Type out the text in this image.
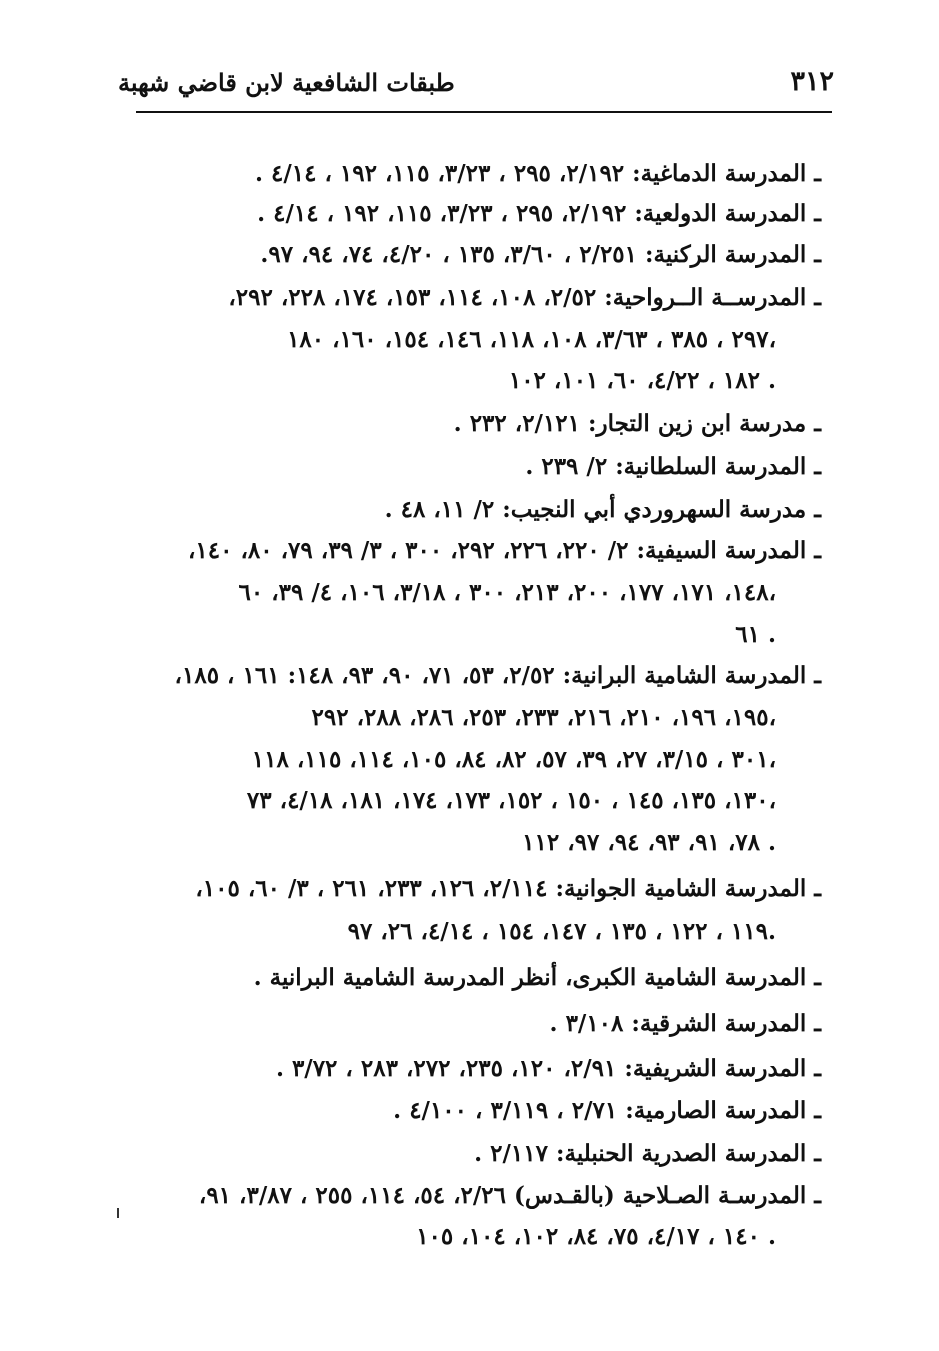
٣١٢
طبقات الشافعية لابن قاضي شهبة
ـ المدرسة الدماغية: ٢/١٩٢، ٢٩٥ ، ٣/٢٣، ١١٥، ١٩٢ ، ٤/١٤ .
ـ المدرسة الدولعية: ٢/١٩٢، ٢٩٥ ، ٣/٢٣، ١١٥، ١٩٢ ، ٤/١٤ .
ـ المدرسة الركنية: ٢/٢٥١ ، ٣/٦٠، ١٣٥ ، ٤/٢٠، ٧٤، ٩٤، ٩٧.
ـ المدرســة الــرواحية: ٢/٥٢، ١٠٨، ١١٤، ١٥٣، ١٧٤، ٢٢٨، ٢٩٢،
٢٩٧ ، ٣٨٥ ، ٣/٦٣، ١٠٨، ١١٨، ١٤٦، ١٥٤، ١٦٠، ١٨٠،
١٨٢ ، ٤/٢٢، ٦٠، ١٠١، ١٠٢ .
ـ مدرسة ابن زين التجار: ٢/١٢١، ٢٣٢ .
ـ المدرسة السلطانية: ٢/ ٢٣٩ .
ـ مدرسة السهروردي أبي النجيب: ٢/ ١١، ٤٨ .
ـ المدرسة السيفية: ٢/ ٢٢٠، ٢٢٦، ٢٩٢، ٣٠٠ ، ٣/ ٣٩، ٧٩، ٨٠، ١٤٠،
١٤٨، ١٧١، ١٧٧، ٢٠٠، ٢١٣، ٣٠٠ ، ٣/١٨، ١٠٦، ٤/ ٣٩، ٦٠،
٦١ .
ـ المدرسة الشامية البرانية: ٢/٥٢، ٥٣، ٧١، ٩٠، ٩٣، ١٤٨: ١٦١ ، ١٨٥،
١٩٥، ١٩٦، ٢١٠، ٢١٦، ٢٣٣، ٢٥٣، ٢٨٦، ٢٨٨، ٢٩٢،
٣٠١ ، ٣/١٥، ٢٧، ٣٩، ٥٧، ٨٢، ٨٤، ١٠٥، ١١٤، ١١٥، ١١٨،
١٣٠، ١٣٥، ١٤٥ ، ١٥٠ ، ١٥٢، ١٧٣، ١٧٤، ١٨١، ٤/١٨، ٧٣،
٧٨، ٩١، ٩٣، ٩٤، ٩٧، ١١٢ .
ـ المدرسة الشامية الجوانية: ٢/١١٤، ١٢٦، ٢٣٣، ٢٦١ ، ٣/ ٦٠، ١٠٥،
١١٩ ، ١٢٢ ، ١٣٥ ، ١٤٧، ١٥٤ ، ٤/١٤، ٢٦، ٩٧.
ـ المدرسة الشامية الكبرى، أنظر المدرسة الشامية البرانية .
ـ المدرسة الشرقية: ٣/١٠٨ .
ـ المدرسة الشريفية: ٢/٩١، ١٢٠، ٢٣٥، ٢٧٢، ٢٨٣ ، ٣/٧٢ .
ـ المدرسة الصارمية: ٢/٧١ ، ٣/١١٩ ، ٤/١٠٠ .
ـ المدرسة الصدرية الحنبلية: ٢/١١٧ .
ـ المدرسـة الصـلاحية (بالقـدس) ٢/٢٦، ٥٤، ١١٤، ٢٥٥ ، ٣/٨٧، ٩١،
١٤٠ ، ٤/١٧، ٧٥، ٨٤، ١٠٢، ١٠٤، ١٠٥ .
